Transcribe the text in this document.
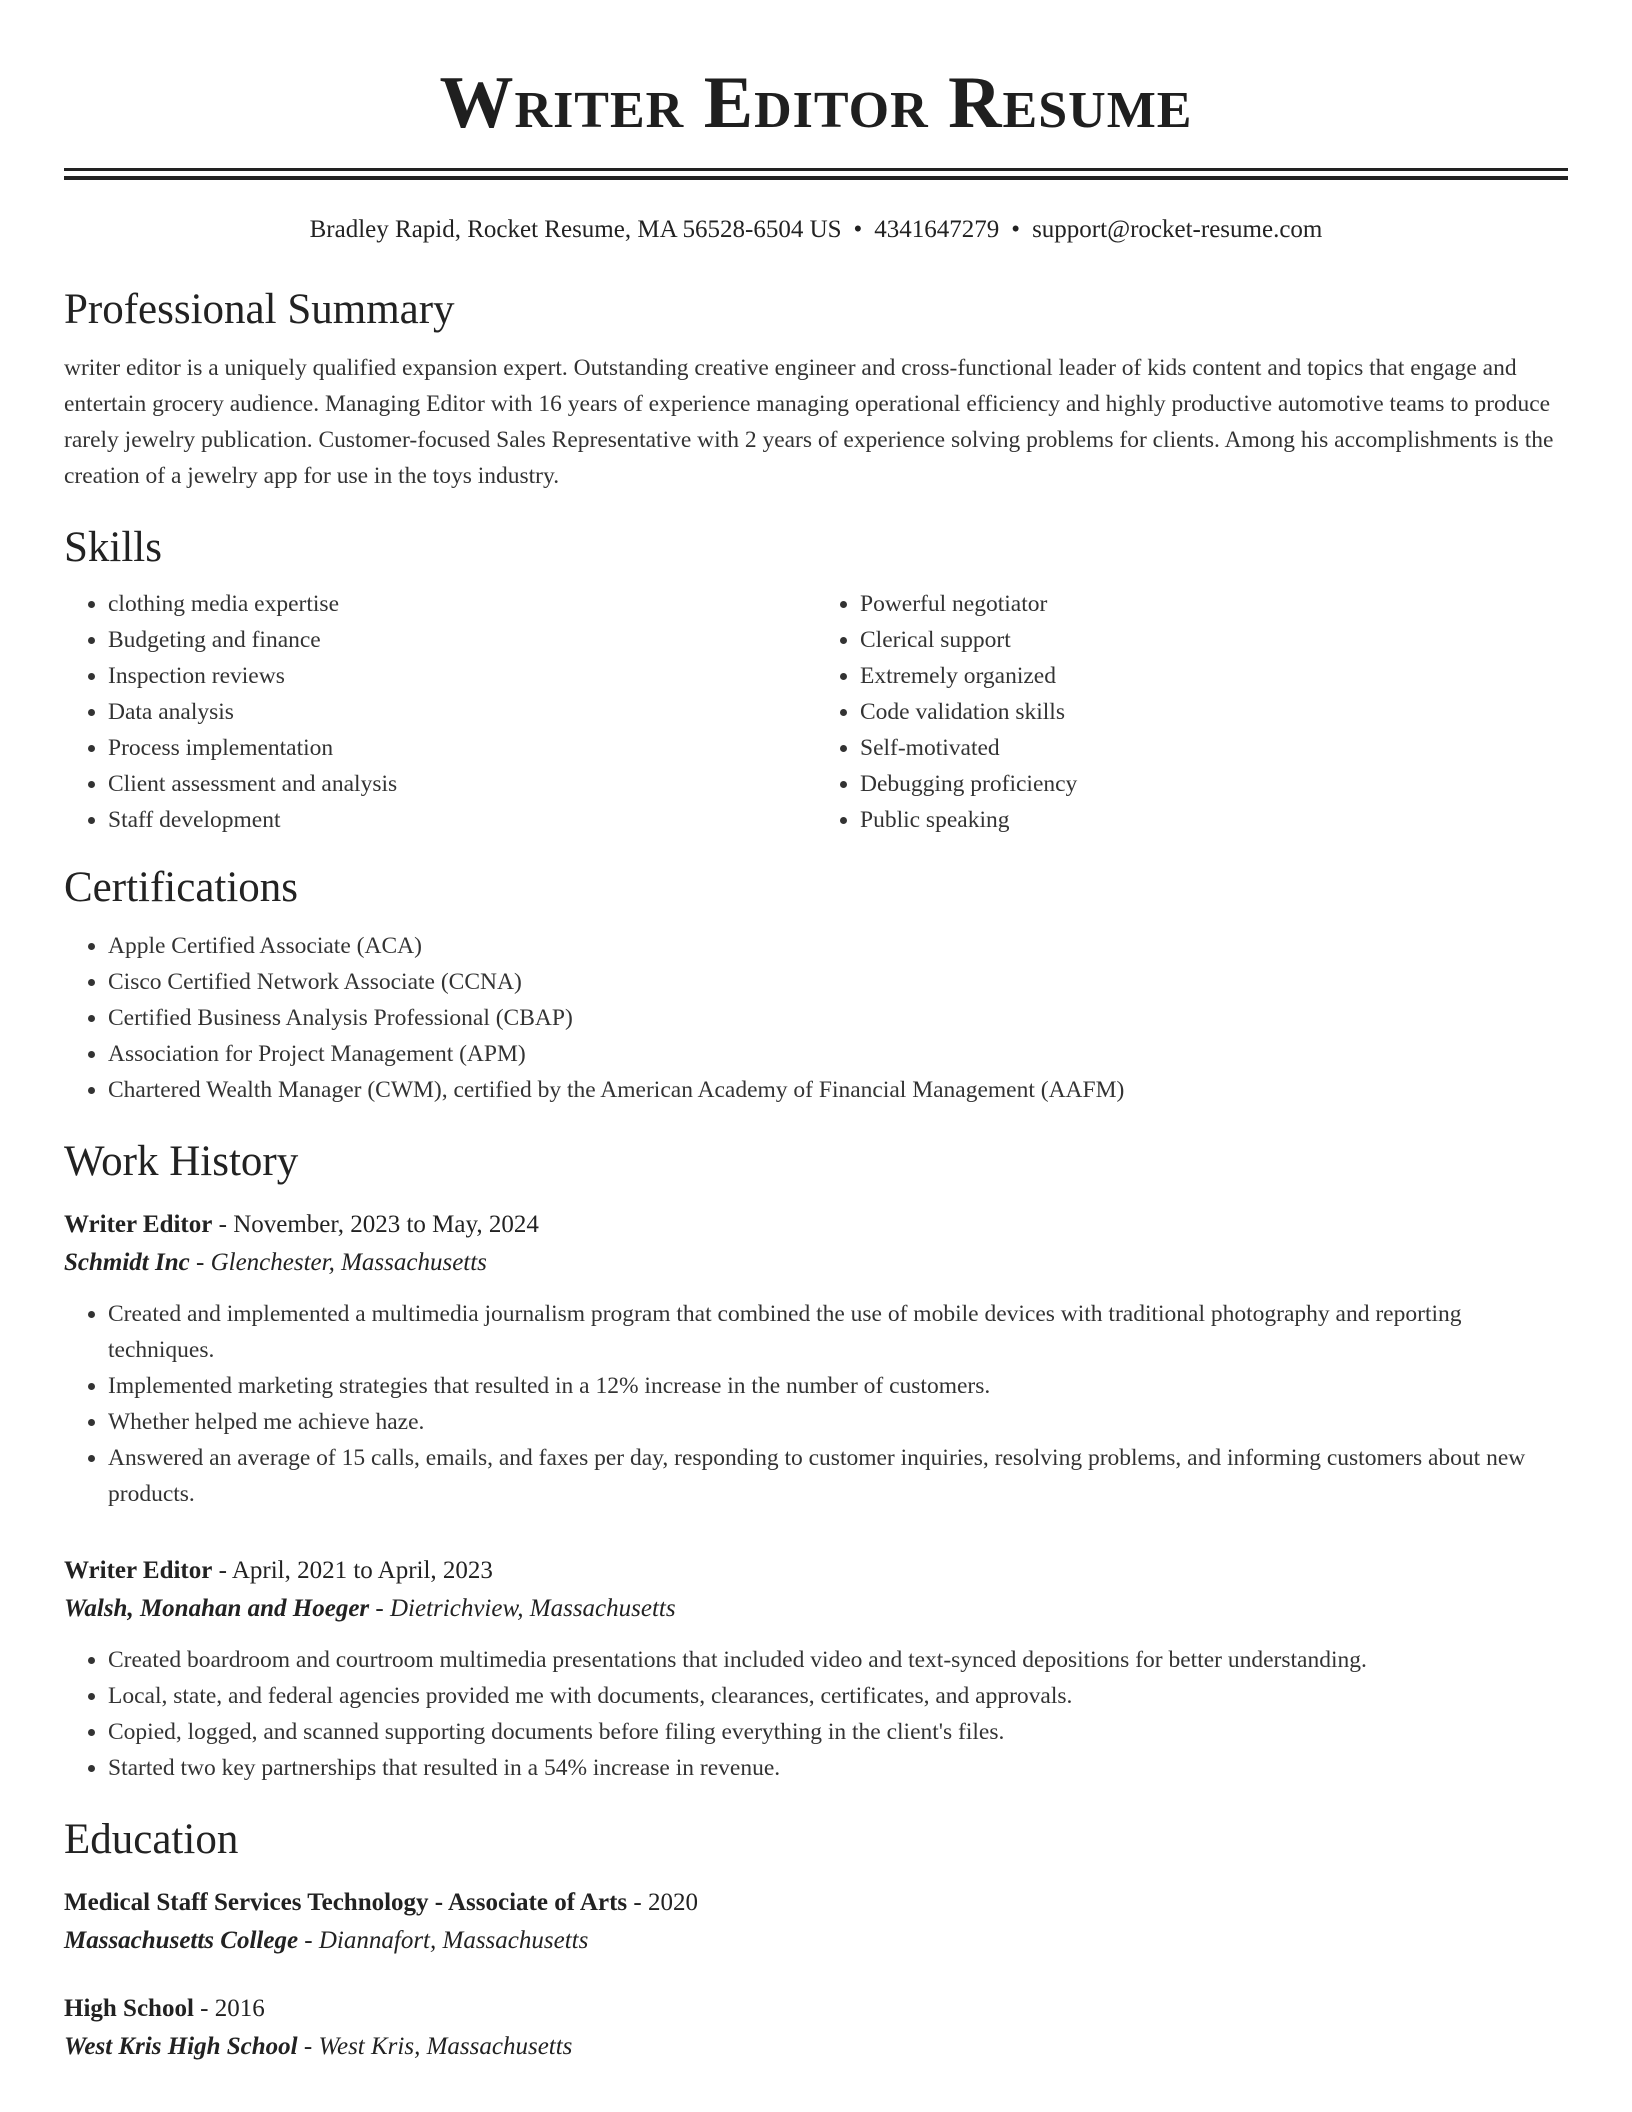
Writer Editor Resume
Bradley Rapid, Rocket Resume, MA 56528-6504 US • 4341647279 • support@rocket-resume.com
Professional Summary
writer editor is a uniquely qualified expansion expert. Outstanding creative engineer and cross-functional leader of kids content and topics that engage and entertain grocery audience. Managing Editor with 16 years of experience managing operational efficiency and highly productive automotive teams to produce rarely jewelry publication. Customer-focused Sales Representative with 2 years of experience solving problems for clients. Among his accomplishments is the creation of a jewelry app for use in the toys industry.
Skills
• clothing media expertise
• Budgeting and finance
• Inspection reviews
• Data analysis
• Process implementation
• Client assessment and analysis
• Staff development
• Powerful negotiator
• Clerical support
• Extremely organized
• Code validation skills
• Self-motivated
• Debugging proficiency
• Public speaking
Certifications
• Apple Certified Associate (ACA)
• Cisco Certified Network Associate (CCNA)
• Certified Business Analysis Professional (CBAP)
• Association for Project Management (APM)
• Chartered Wealth Manager (CWM), certified by the American Academy of Financial Management (AAFM)
Work History
Writer Editor - November, 2023 to May, 2024
Schmidt Inc - Glenchester, Massachusetts
• Created and implemented a multimedia journalism program that combined the use of mobile devices with traditional photography and reporting techniques.
• Implemented marketing strategies that resulted in a 12% increase in the number of customers.
• Whether helped me achieve haze.
• Answered an average of 15 calls, emails, and faxes per day, responding to customer inquiries, resolving problems, and informing customers about new products.
Writer Editor - April, 2021 to April, 2023
Walsh, Monahan and Hoeger - Dietrichview, Massachusetts
• Created boardroom and courtroom multimedia presentations that included video and text-synced depositions for better understanding.
• Local, state, and federal agencies provided me with documents, clearances, certificates, and approvals.
• Copied, logged, and scanned supporting documents before filing everything in the client's files.
• Started two key partnerships that resulted in a 54% increase in revenue.
Education
Medical Staff Services Technology - Associate of Arts - 2020
Massachusetts College - Diannafort, Massachusetts
High School - 2016
West Kris High School - West Kris, Massachusetts
